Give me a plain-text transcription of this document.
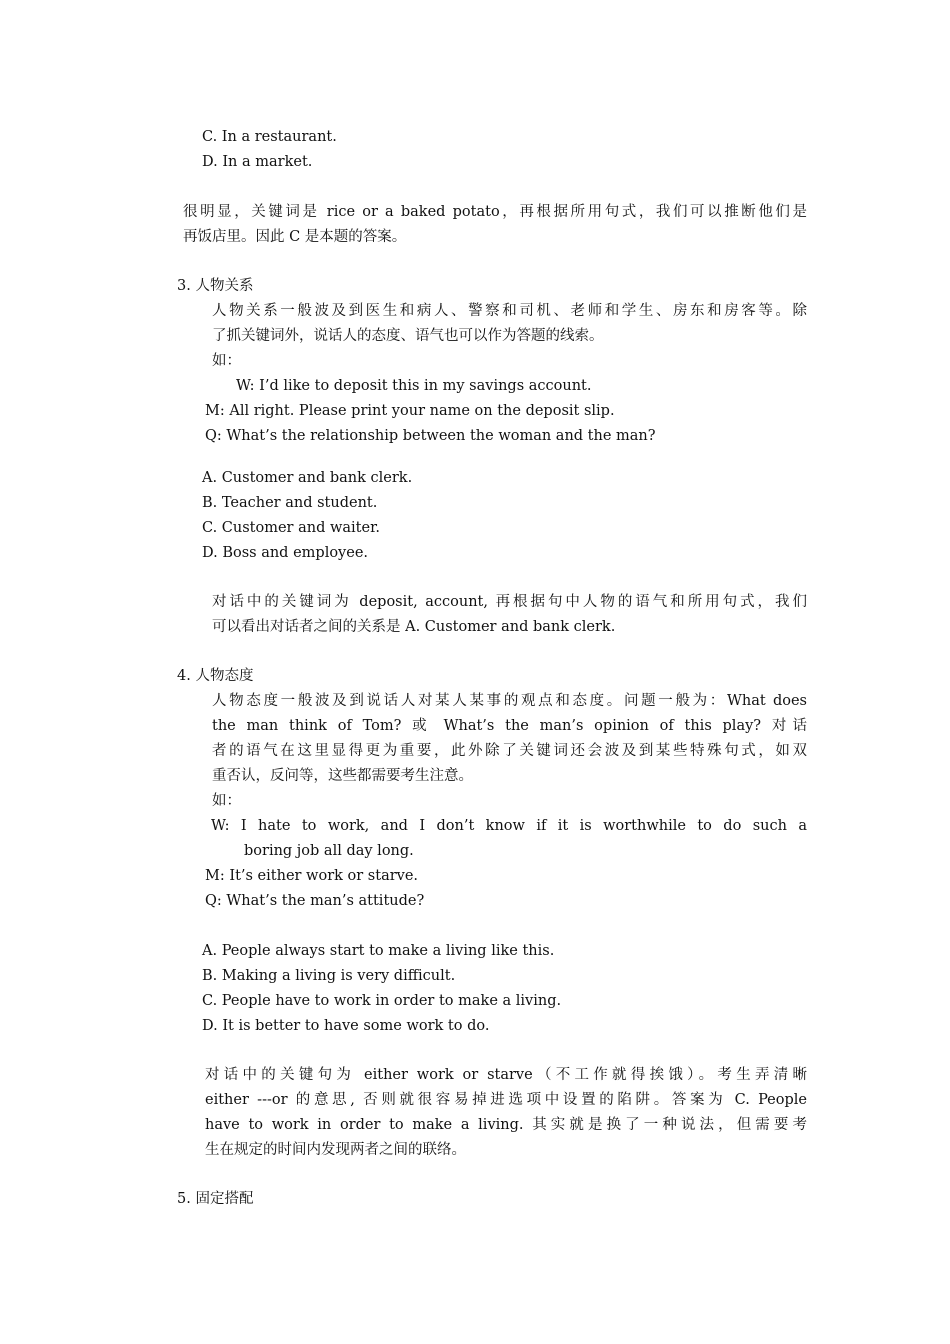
C. In a restaurant.
D. In a market.
很明显，关键词是 rice or a baked potato，再根据所用句式，我们可以推断他们是
再饭店里。因此 C 是本题的答案。
3. 人物关系
人物关系一般波及到医生和病人、警察和司机、老师和学生、房东和房客等。除
了抓关键词外，说话人的态度、语气也可以作为答题的线索。
如：
W: I’d like to deposit this in my savings account.
M: All right. Please print your name on the deposit slip.
Q: What’s the relationship between the woman and the man?
A. Customer and bank clerk.
B. Teacher and student.
C. Customer and waiter.
D. Boss and employee.
对话中的关键词为 deposit, account, 再根据句中人物的语气和所用句式，我们
可以看出对话者之间的关系是 A. Customer and bank clerk.
4. 人物态度
人物态度一般波及到说话人对某人某事的观点和态度。问题一般为：What does
the man think of Tom? 或 What’s the man’s opinion of this play? 对话
者的语气在这里显得更为重要，此外除了关键词还会波及到某些特殊句式，如双
重否认，反问等，这些都需要考生注意。
如：
W: I hate to work, and I don’t know if it is worthwhile to do such a
boring job all day long.
M: It’s either work or starve.
Q: What’s the man’s attitude?
A. People always start to make a living like this.
B. Making a living is very difficult.
C. People have to work in order to make a living.
D. It is better to have some work to do.
对话中的关键句为 either work or starve（不工作就得挨饿）。考生弄清晰
either ---or 的意思, 否则就很容易掉进选项中设置的陷阱。答案为 C. People
have to work in order to make a living. 其实就是换了一种说法，但需要考
生在规定的时间内发现两者之间的联络。
5. 固定搭配
